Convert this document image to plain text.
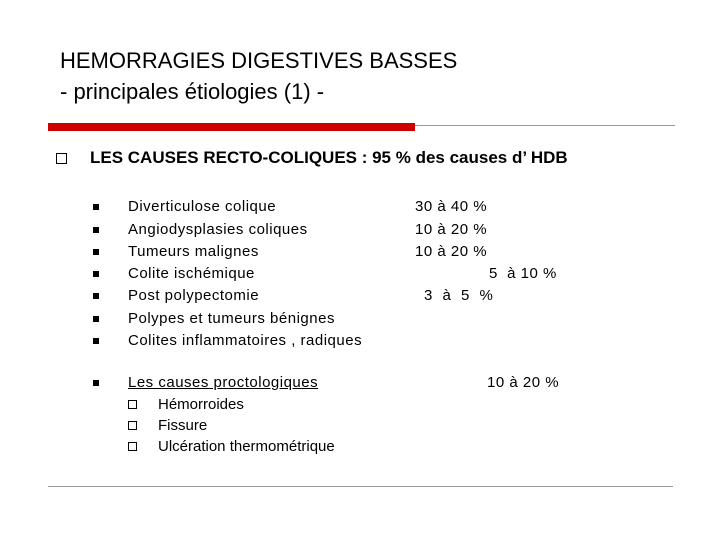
HEMORRAGIES DIGESTIVES BASSES
- principales étiologies (1) -
LES CAUSES RECTO-COLIQUES : 95 % des causes d’ HDB
Diverticulose colique	30 à 40 %
Angiodysplasies coliques	10 à 20 %
Tumeurs malignes	10 à 20 %
Colite ischémique	5  à 10 %
Post polypectomie	3 à 5 %
Polypes et tumeurs bénignes
Colites inflammatoires , radiques
Les causes proctologiques	10 à 20 %
Hémorroides
Fissure
Ulcération thermométrique
